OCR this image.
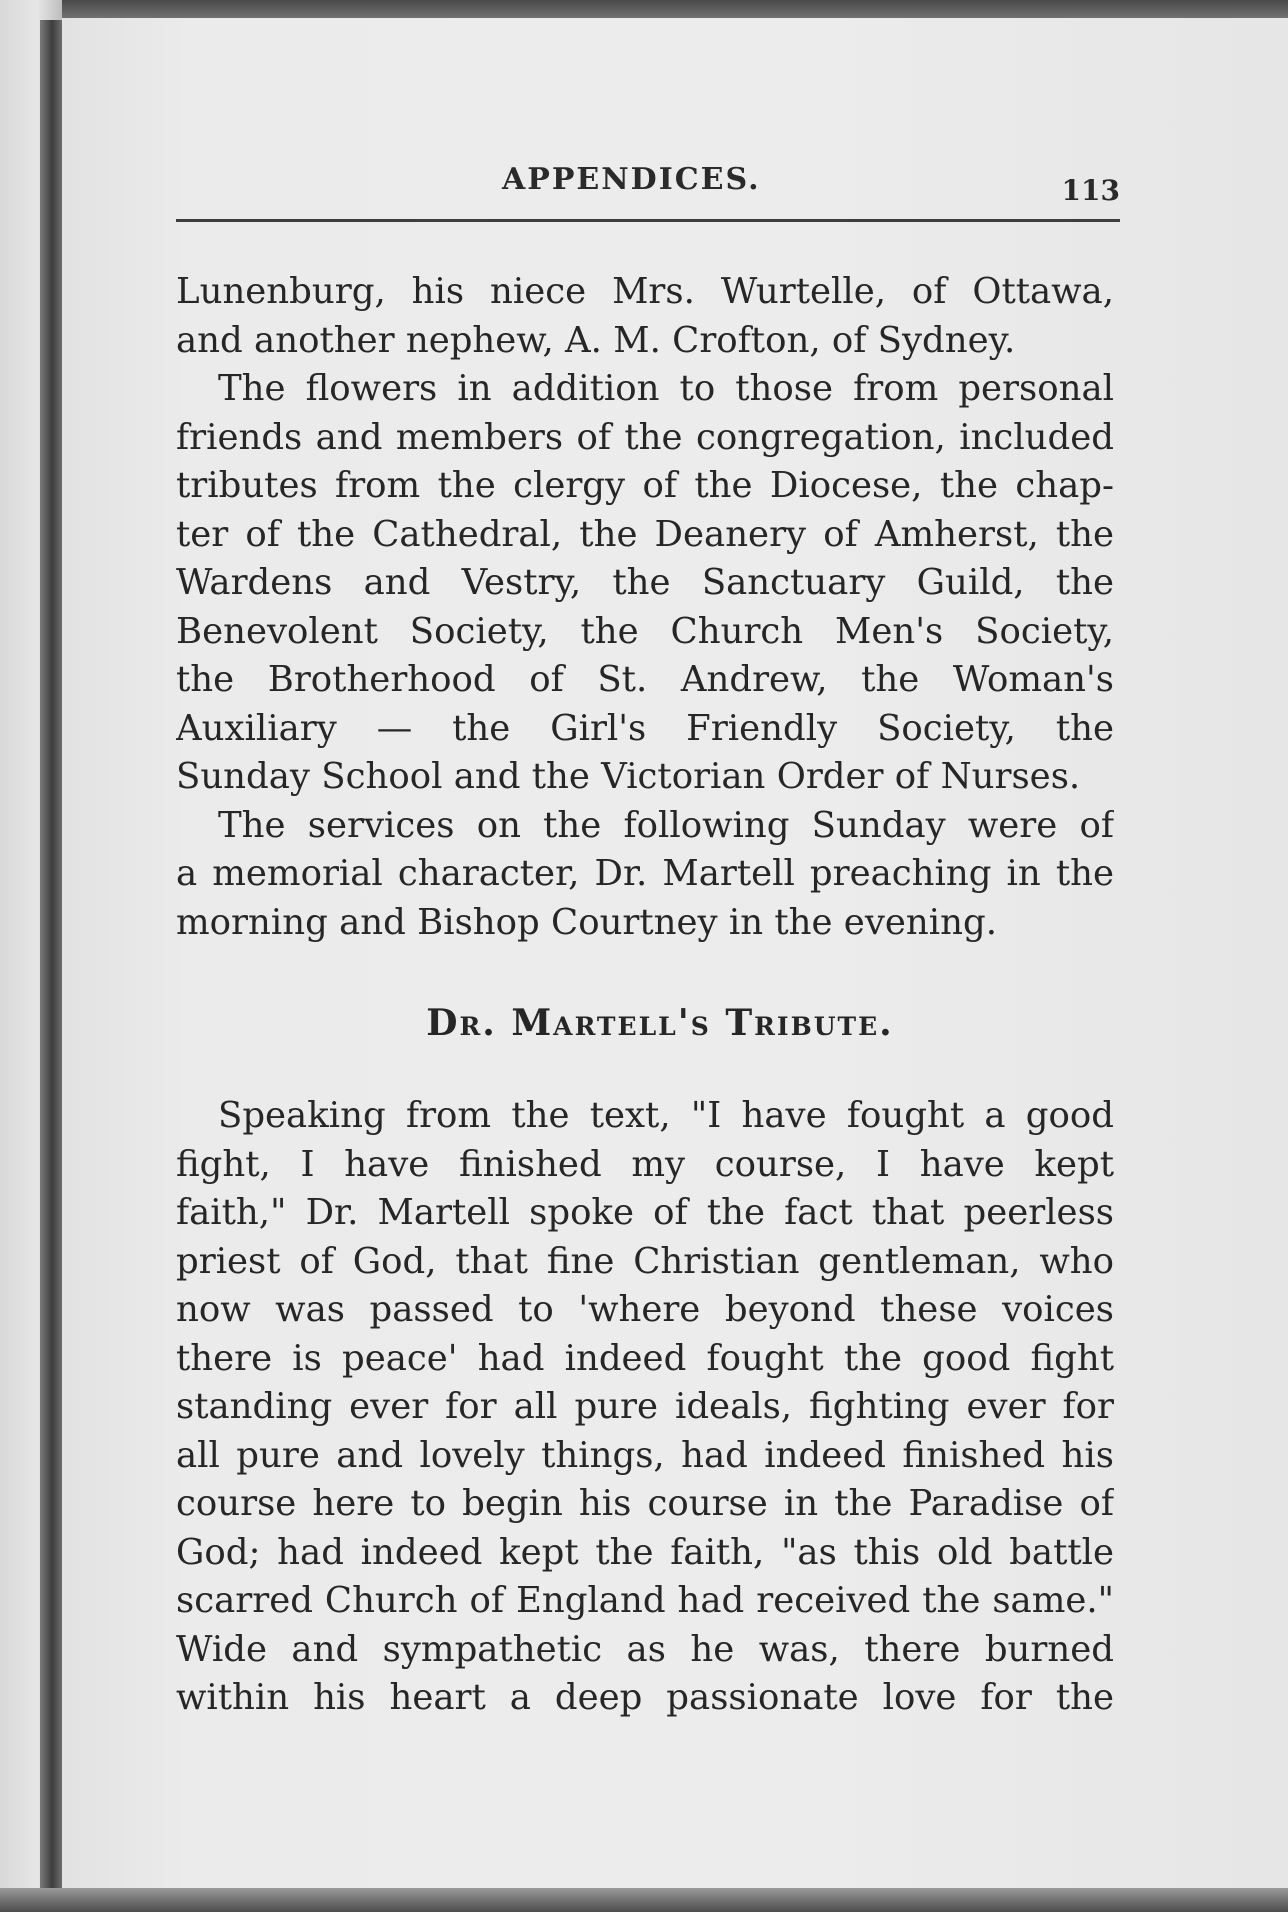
APPENDICES.	113
Lunenburg, his niece Mrs. Wurtelle, of Ottawa,
and another nephew, A. M. Crofton, of Sydney.
The flowers in addition to those from personal
friends and members of the congregation, included
tributes from the clergy of the Diocese, the chap-
ter of the Cathedral, the Deanery of Amherst, the
Wardens and Vestry, the Sanctuary Guild, the
Benevolent Society, the Church Men's Society,
the Brotherhood of St. Andrew, the Woman's
Auxiliary — the Girl's Friendly Society, the
Sunday School and the Victorian Order of Nurses.
The services on the following Sunday were of
a memorial character, Dr. Martell preaching in the
morning and Bishop Courtney in the evening.
Dr. Martell's Tribute.
Speaking from the text, "I have fought a good
fight, I have finished my course, I have kept
faith," Dr. Martell spoke of the fact that peerless
priest of God, that fine Christian gentleman, who
now was passed to 'where beyond these voices
there is peace' had indeed fought the good fight
standing ever for all pure ideals, fighting ever for
all pure and lovely things, had indeed finished his
course here to begin his course in the Paradise of
God; had indeed kept the faith, "as this old battle
scarred Church of England had received the same."
Wide and sympathetic as he was, there burned
within his heart a deep passionate love for the
